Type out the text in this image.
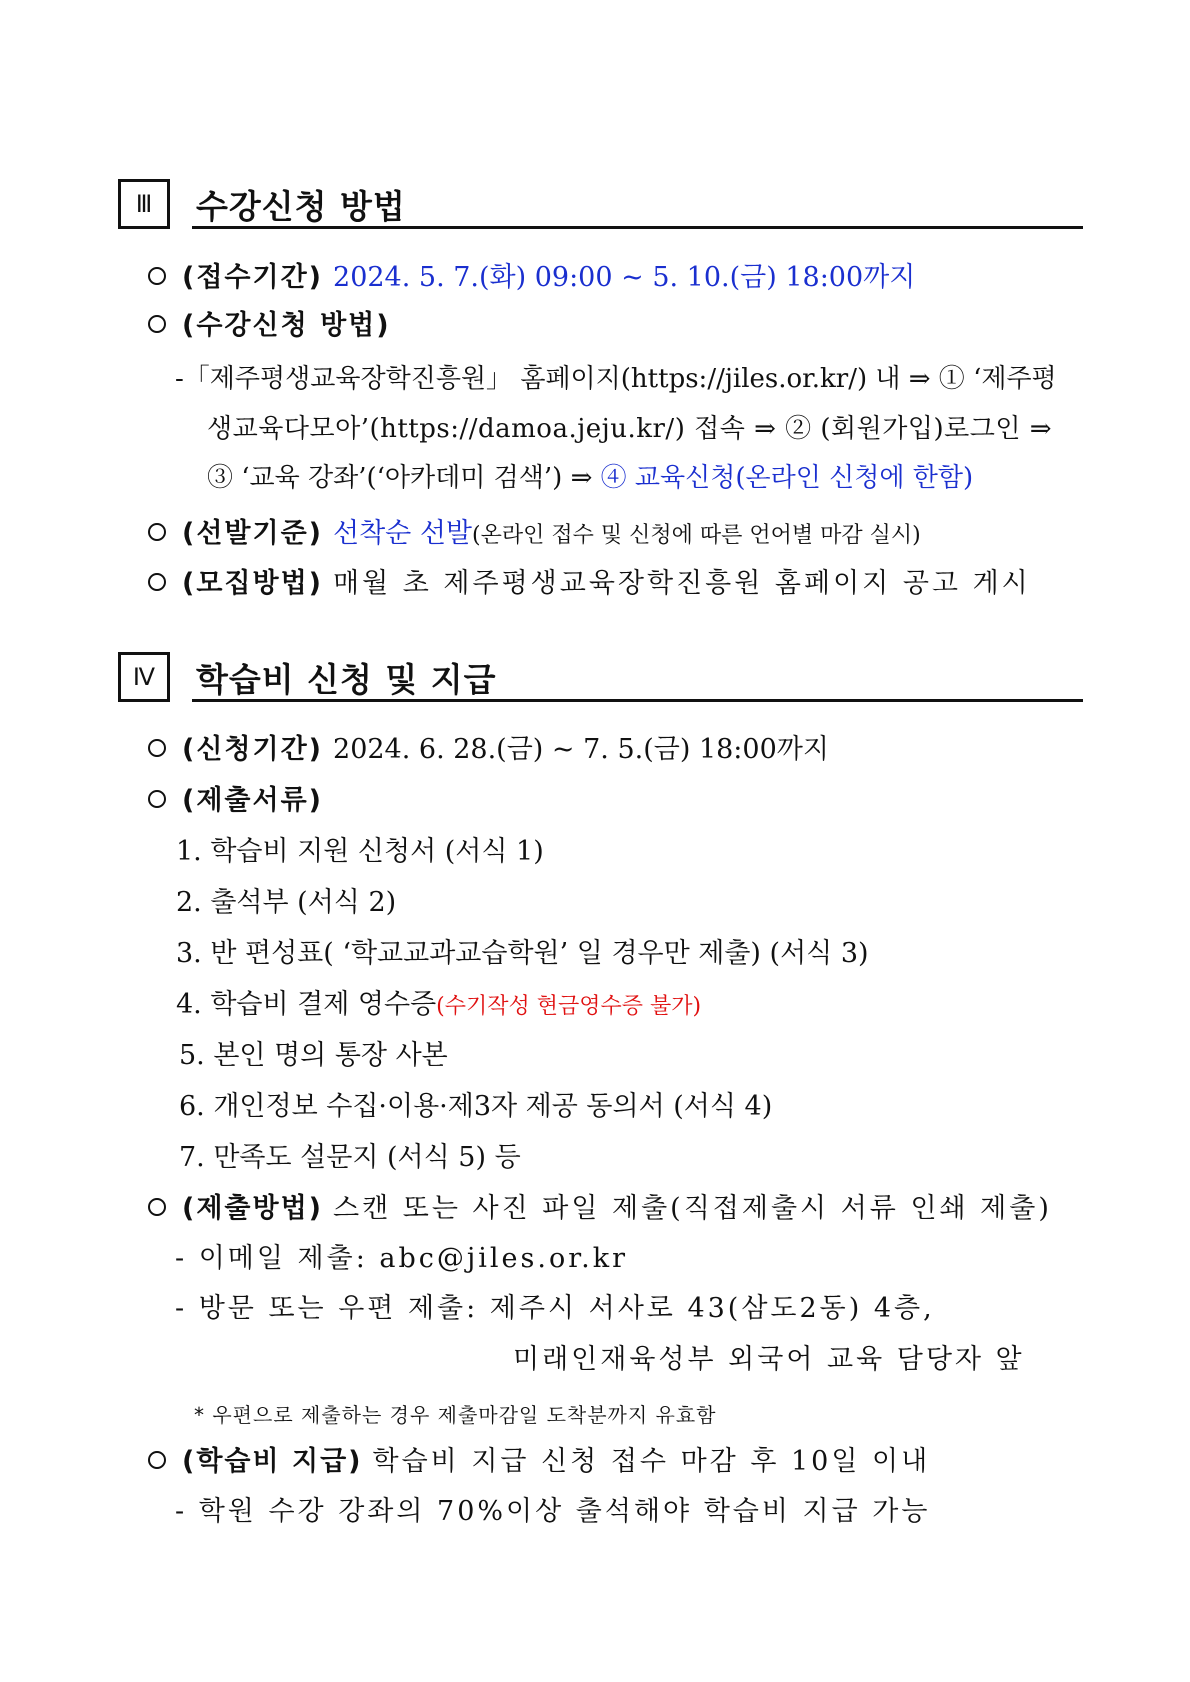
Ⅲ	수강신청 방법
(접수기간) 2024. 5. 7.(화) 09:00 ~ 5. 10.(금) 18:00까지
(수강신청 방법)
-「제주평생교육장학진흥원」 홈페이지(https://jiles.or.kr/) 내 ⇒ ① ‘제주평
생교육다모아’(https://damoa.jeju.kr/) 접속 ⇒ ② (회원가입)로그인 ⇒
③ ‘교육 강좌’(‘아카데미 검색’) ⇒ ④ 교육신청(온라인 신청에 한함)
(선발기준) 선착순 선발(온라인 접수 및 신청에 따른 언어별 마감 실시)
(모집방법) 매월 초 제주평생교육장학진흥원 홈페이지 공고 게시
Ⅳ	학습비 신청 및 지급
(신청기간) 2024. 6. 28.(금) ~ 7. 5.(금) 18:00까지
(제출서류)
1. 학습비 지원 신청서 (서식 1)
2. 출석부 (서식 2)
3. 반 편성표( ‘학교교과교습학원’ 일 경우만 제출) (서식 3)
4. 학습비 결제 영수증(수기작성 현금영수증 불가)
5. 본인 명의 통장 사본
6. 개인정보 수집·이용·제3자 제공 동의서 (서식 4)
7. 만족도 설문지 (서식 5) 등
(제출방법) 스캔 또는 사진 파일 제출(직접제출시 서류 인쇄 제출)
- 이메일 제출: abc@jiles.or.kr
- 방문 또는 우편 제출: 제주시 서사로 43(삼도2동) 4층,
미래인재육성부 외국어 교육 담당자 앞
* 우편으로 제출하는 경우 제출마감일 도착분까지 유효함
(학습비 지급) 학습비 지급 신청 접수 마감 후 10일 이내
- 학원 수강 강좌의 70%이상 출석해야 학습비 지급 가능
